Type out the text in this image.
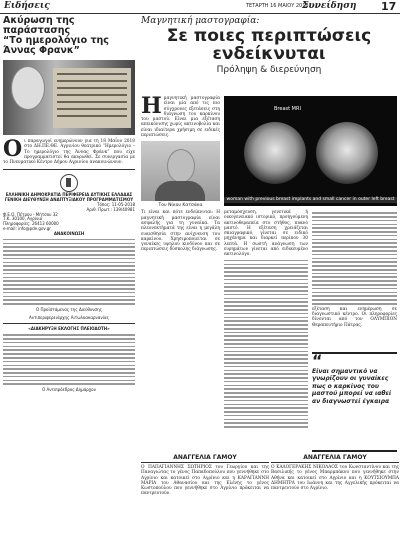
Ειδήσεις	ΤΕΤΑΡΤΗ 16 ΜΑΙΟΥ 2018
Συνείδηση 17
Ακύρωση της παράστασης
“Το ημερολόγιο της Άννας Φρανκ”
Οι παραγωγοί ενημερώνουν για τη 18 Μαΐου 2018 στο ΔΗ.ΠΕ.ΘΕ. Αγρινίου θεατρικό “Ημερολόγιο – Το ημερολόγιο της Άννας Φράνκ” που είχε προγραμματιστεί θα ακυρωθεί. Σε συνεργασία με το Πνευματικό Κέντρο Δήμου Αγρινίου ανακοινώνουν.
ΕΛΛΗΝΙΚΗ ΔΗΜΟΚΡΑΤΙΑ ΠΕΡΙΦΕΡΕΙΑ ΔΥΤΙΚΗΣ ΕΛΛΑΔΑΣ ΓΕΝΙΚΗ ΔΙΕΥΘΥΝΣΗ ΑΝΑΠΤΥΞΙΑΚΟΥ ΠΡΟΓΡΑΜΜΑΤΙΣΜΟΥ
Τόπος: 11-05-2018
Αριθ. Πρωτ.: 139/40981
Φ.Ε.Ο. Πέτρου - Μήτσου 32
Τ.Κ. 30100, Αγρίνιο
Πληροφορίες: 26413 60000
e-mail: info@pde.gov.gr
ΑΝΑΚΟΙΝΩΣΗ
Ο Προϊστάμενος της Διεύθυνσης
Αντιπεριφερειάρχης Αιτωλοακαρνανίας
«ΔΙΑΚΗΡΥΞΗ ΕΚΛΟΓΗΣ ΠΛΕΙΟΔΟΤΗ»
Ο Αντιπρόεδρος Δημάρχου
Μαγνητική μαστογραφία:
Σε ποιες περιπτώσεις ενδείκνυται
Πρόληψη & διερεύνηση
Ημαγνητική μαστογραφία είναι μία από τις πιο σύγχρονες εξετάσεις στη διάγνωση του καρκίνου του μαστού. Είναι μια εξέταση απεικόνισης χωρίς ακτινοβολία και είναι ιδιαίτερα χρήσιμη σε ειδικές περιπτώσεις.
Του Νίκου Κατσάκα
Τι είναι και πότε ενδείκνυται: Η μαγνητική μαστογραφία είναι ασφαλής για τη γυναίκα. Τα πλεονεκτήματά της είναι η μεγάλη ευαισθησία στην ανίχνευση του καρκίνου. Χρησιμοποιείται σε γυναίκες υψηλού κινδύνου και σε περιπτώσεις δύσκολης διάγνωσης.
Breast MRI
woman with previous breast implants and small cancer in outer left breast
μεταμόσχευση, γενετικά ή οικογενειακό ιστορικό, προηγούμενη ακτινοθεραπεία στο στήθος, πυκνό μαστό. Η εξέταση χρειάζεται σκιαγραφικό, γίνεται σε ειδικό μηχάνημα και διαρκεί περίπου 30 λεπτά. Η σωστή ανάγνωση των ευρημάτων γίνεται από ειδικευμένο ακτινολόγο.
εξέταση και ενημέρωση σε διαγνωστικό κέντρο. Οι πληροφορίες δίνονται από τον ΟΛΥΜΠΙΟΝ Θεραπευτήριο Πάτρας.
“
Είναι σημαντικό να γνωρίζουν οι γυναίκες πως ο καρκίνος του μαστού μπορεί να ιαθεί αν διαγνωστεί έγκαιρα
ΑΝΑΓΓΕΛΙΑ ΓΑΜΟΥ
Ο ΠΑΠΑΓΙΑΝΝΗΣ ΣΩΤΗΡΙΟΣ του Γεωργίου και της Παναγιώτας το γένος Παπαδοπούλου που γεννήθηκε στο Αγρίνιο και κατοικεί στο Αγρίνιο και η ΚΑΡΑΓΙΑΝΝΗ ΜΑΡΙΑ του Αθανασίου και της Ελένης το γένος Κωστοπούλου που γεννήθηκε στο Αγρίνιο πρόκειται να παντρευτούν.
ΑΝΑΓΓΕΛΙΑ ΓΑΜΟΥ
Ο ΚΑΛΟΓΕΡΑΚΗΣ ΝΙΚΟΛΑΟΣ του Κωνσταντίνου και της Βασιλικής το γένος Μπαρμπάκου που γεννήθηκε στην Αθήνα και κατοικεί στο Αγρίνιο και η ΚΟΥΤΣΙΟΥΜΠΑ ΔΗΜΗΤΡΑ του Ιωάννη και της Αγγελικής πρόκειται να παντρευτούν στο Αγρίνιο.
